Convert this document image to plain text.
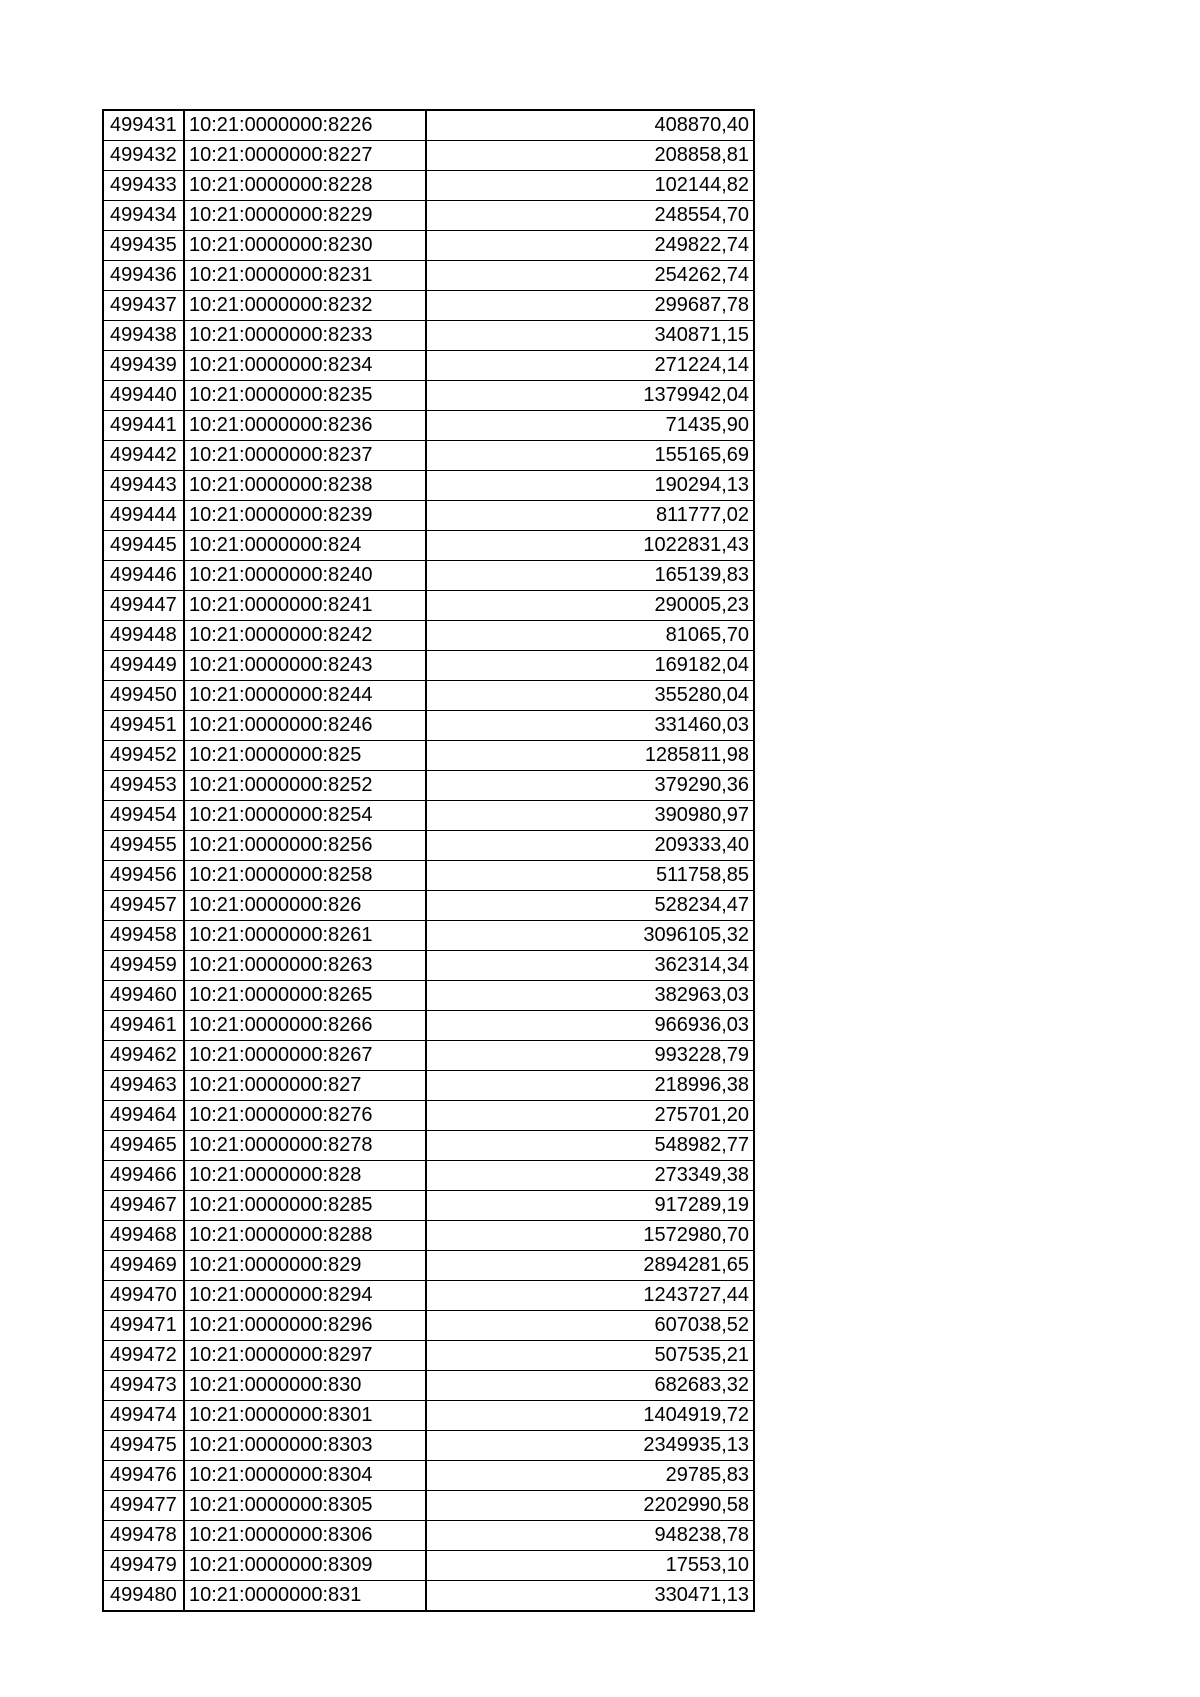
499431	10:21:0000000:8226	408870,40
499432	10:21:0000000:8227	208858,81
499433	10:21:0000000:8228	102144,82
499434	10:21:0000000:8229	248554,70
499435	10:21:0000000:8230	249822,74
499436	10:21:0000000:8231	254262,74
499437	10:21:0000000:8232	299687,78
499438	10:21:0000000:8233	340871,15
499439	10:21:0000000:8234	271224,14
499440	10:21:0000000:8235	1379942,04
499441	10:21:0000000:8236	71435,90
499442	10:21:0000000:8237	155165,69
499443	10:21:0000000:8238	190294,13
499444	10:21:0000000:8239	811777,02
499445	10:21:0000000:824	1022831,43
499446	10:21:0000000:8240	165139,83
499447	10:21:0000000:8241	290005,23
499448	10:21:0000000:8242	81065,70
499449	10:21:0000000:8243	169182,04
499450	10:21:0000000:8244	355280,04
499451	10:21:0000000:8246	331460,03
499452	10:21:0000000:825	1285811,98
499453	10:21:0000000:8252	379290,36
499454	10:21:0000000:8254	390980,97
499455	10:21:0000000:8256	209333,40
499456	10:21:0000000:8258	511758,85
499457	10:21:0000000:826	528234,47
499458	10:21:0000000:8261	3096105,32
499459	10:21:0000000:8263	362314,34
499460	10:21:0000000:8265	382963,03
499461	10:21:0000000:8266	966936,03
499462	10:21:0000000:8267	993228,79
499463	10:21:0000000:827	218996,38
499464	10:21:0000000:8276	275701,20
499465	10:21:0000000:8278	548982,77
499466	10:21:0000000:828	273349,38
499467	10:21:0000000:8285	917289,19
499468	10:21:0000000:8288	1572980,70
499469	10:21:0000000:829	2894281,65
499470	10:21:0000000:8294	1243727,44
499471	10:21:0000000:8296	607038,52
499472	10:21:0000000:8297	507535,21
499473	10:21:0000000:830	682683,32
499474	10:21:0000000:8301	1404919,72
499475	10:21:0000000:8303	2349935,13
499476	10:21:0000000:8304	29785,83
499477	10:21:0000000:8305	2202990,58
499478	10:21:0000000:8306	948238,78
499479	10:21:0000000:8309	17553,10
499480	10:21:0000000:831	330471,13
